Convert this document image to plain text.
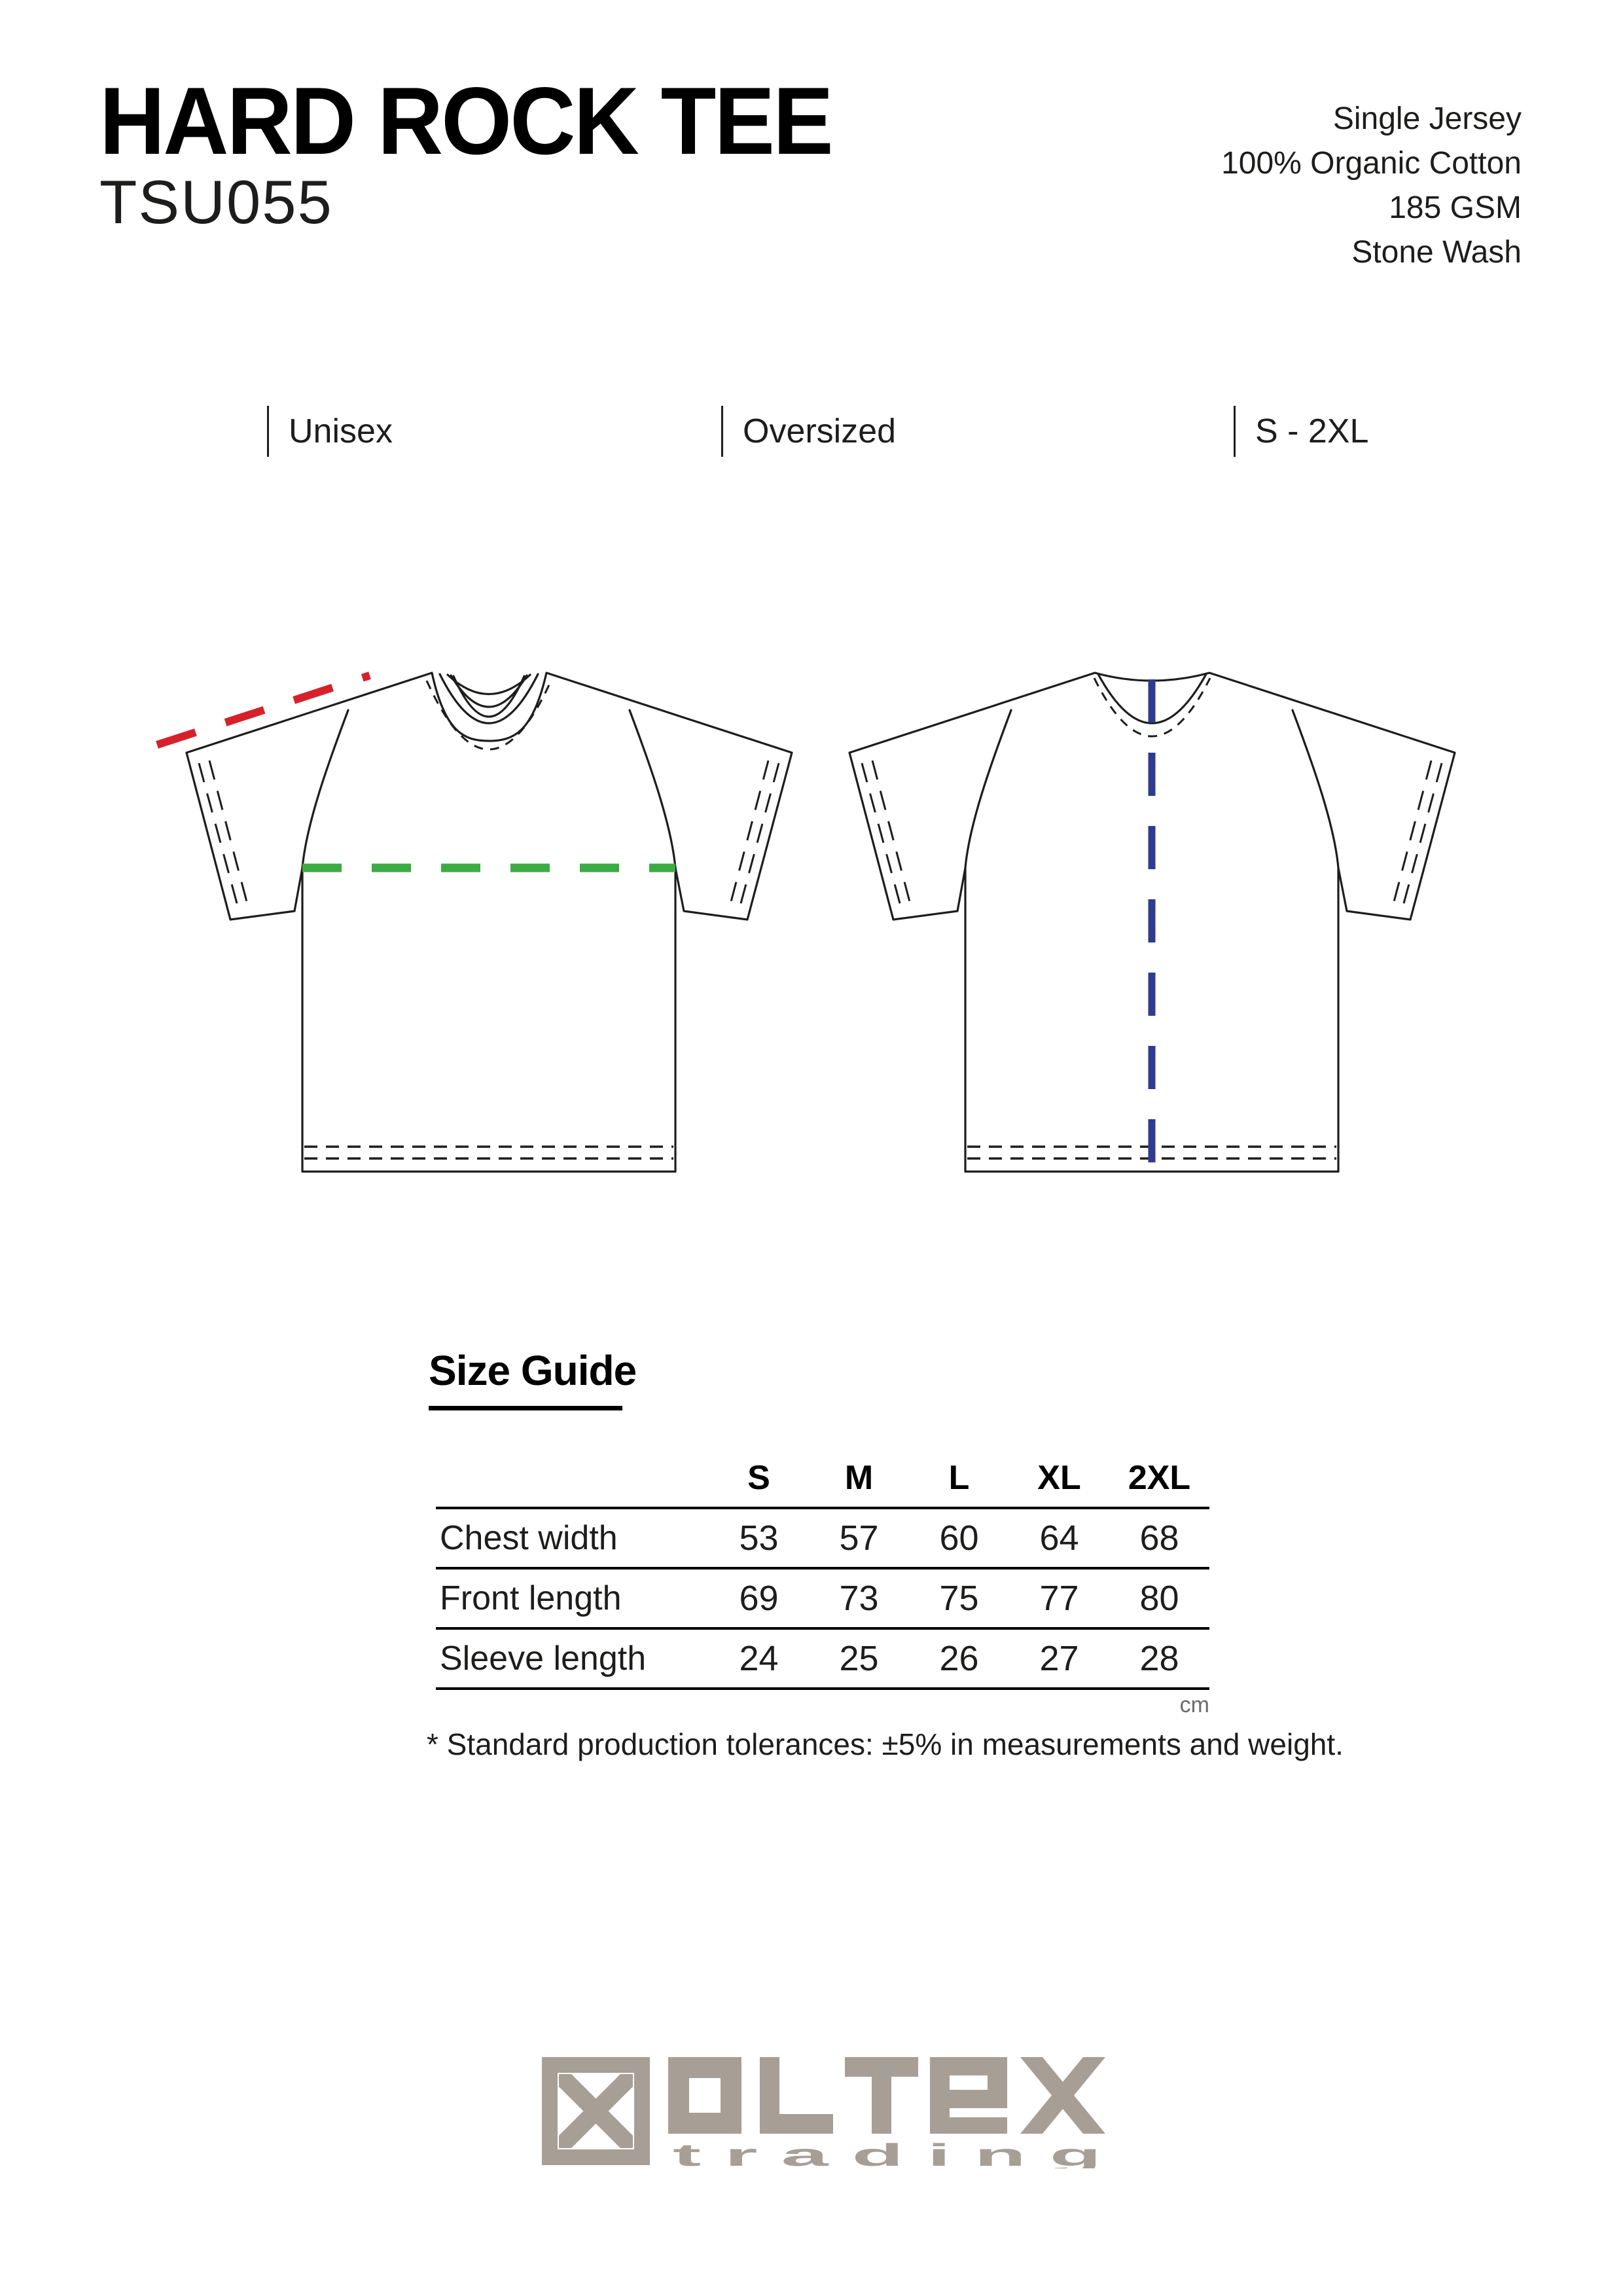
HARD ROCK TEE
TSU055
Single Jersey
100% Organic Cotton
185 GSM
Stone Wash
Unisex	Oversized	S - 2XL
Size Guide
	S	M	L	XL	2XL
Chest width	53	57	60	64	68
Front length	69	73	75	77	80
Sleeve length	24	25	26	27	28
cm

* Standard production tolerances: ±5% in measurements and weight.

t r a d i n g
